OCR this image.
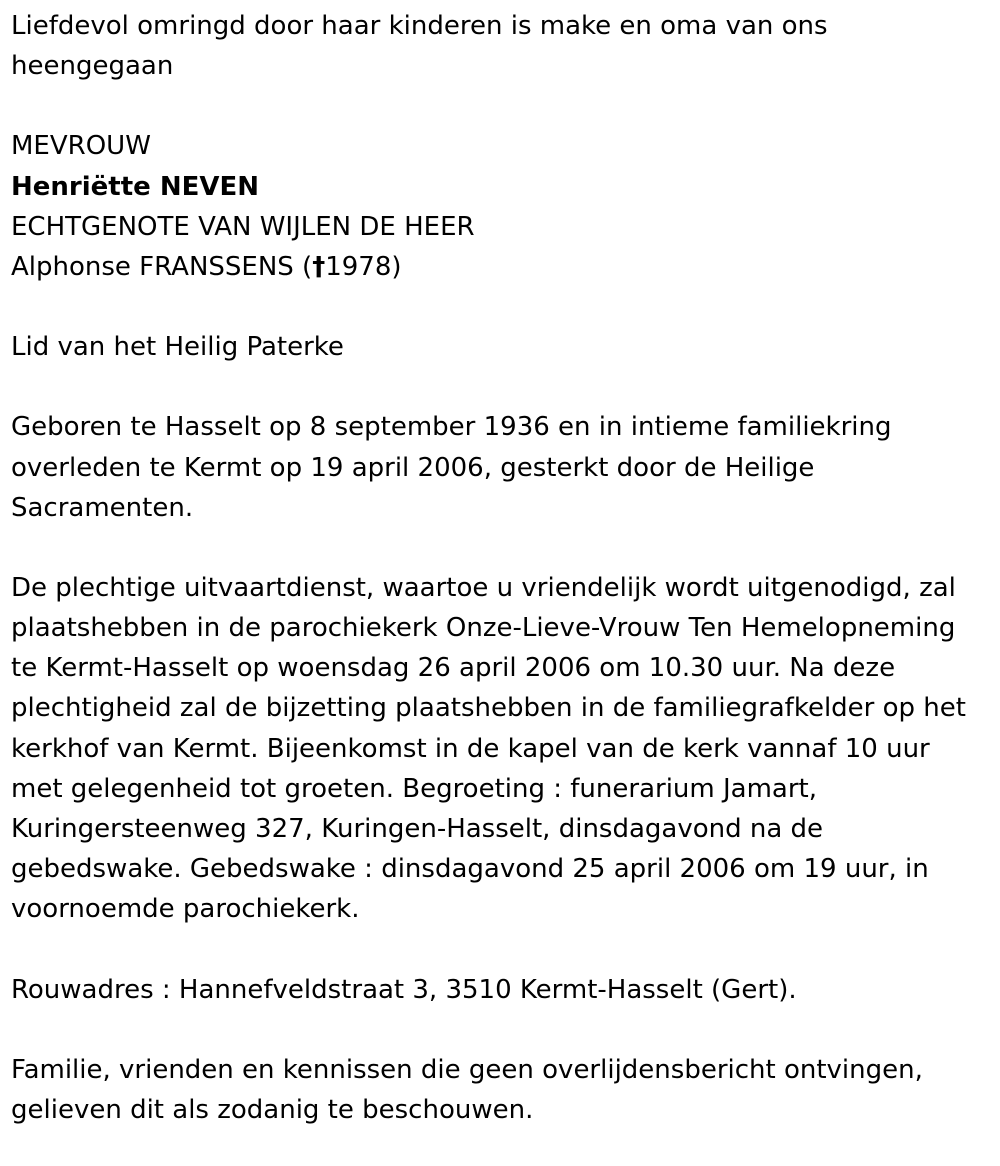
Liefdevol omringd door haar kinderen is make en oma van ons
heengegaan
MEVROUW
Henriëtte NEVEN
ECHTGENOTE VAN WIJLEN DE HEER
Alphonse FRANSSENS (†1978)
Lid van het Heilig Paterke
Geboren te Hasselt op 8 september 1936 en in intieme familiekring
overleden te Kermt op 19 april 2006, gesterkt door de Heilige
Sacramenten.
De plechtige uitvaartdienst, waartoe u vriendelijk wordt uitgenodigd, zal
plaatshebben in de parochiekerk Onze-Lieve-Vrouw Ten Hemelopneming
te Kermt-Hasselt op woensdag 26 april 2006 om 10.30 uur. Na deze
plechtigheid zal de bijzetting plaatshebben in de familiegrafkelder op het
kerkhof van Kermt. Bijeenkomst in de kapel van de kerk vannaf 10 uur
met gelegenheid tot groeten. Begroeting : funerarium Jamart,
Kuringersteenweg 327, Kuringen-Hasselt, dinsdagavond na de
gebedswake. Gebedswake : dinsdagavond 25 april 2006 om 19 uur, in
voornoemde parochiekerk.
Rouwadres : Hannefveldstraat 3, 3510 Kermt-Hasselt (Gert).
Familie, vrienden en kennissen die geen overlijdensbericht ontvingen,
gelieven dit als zodanig te beschouwen.
